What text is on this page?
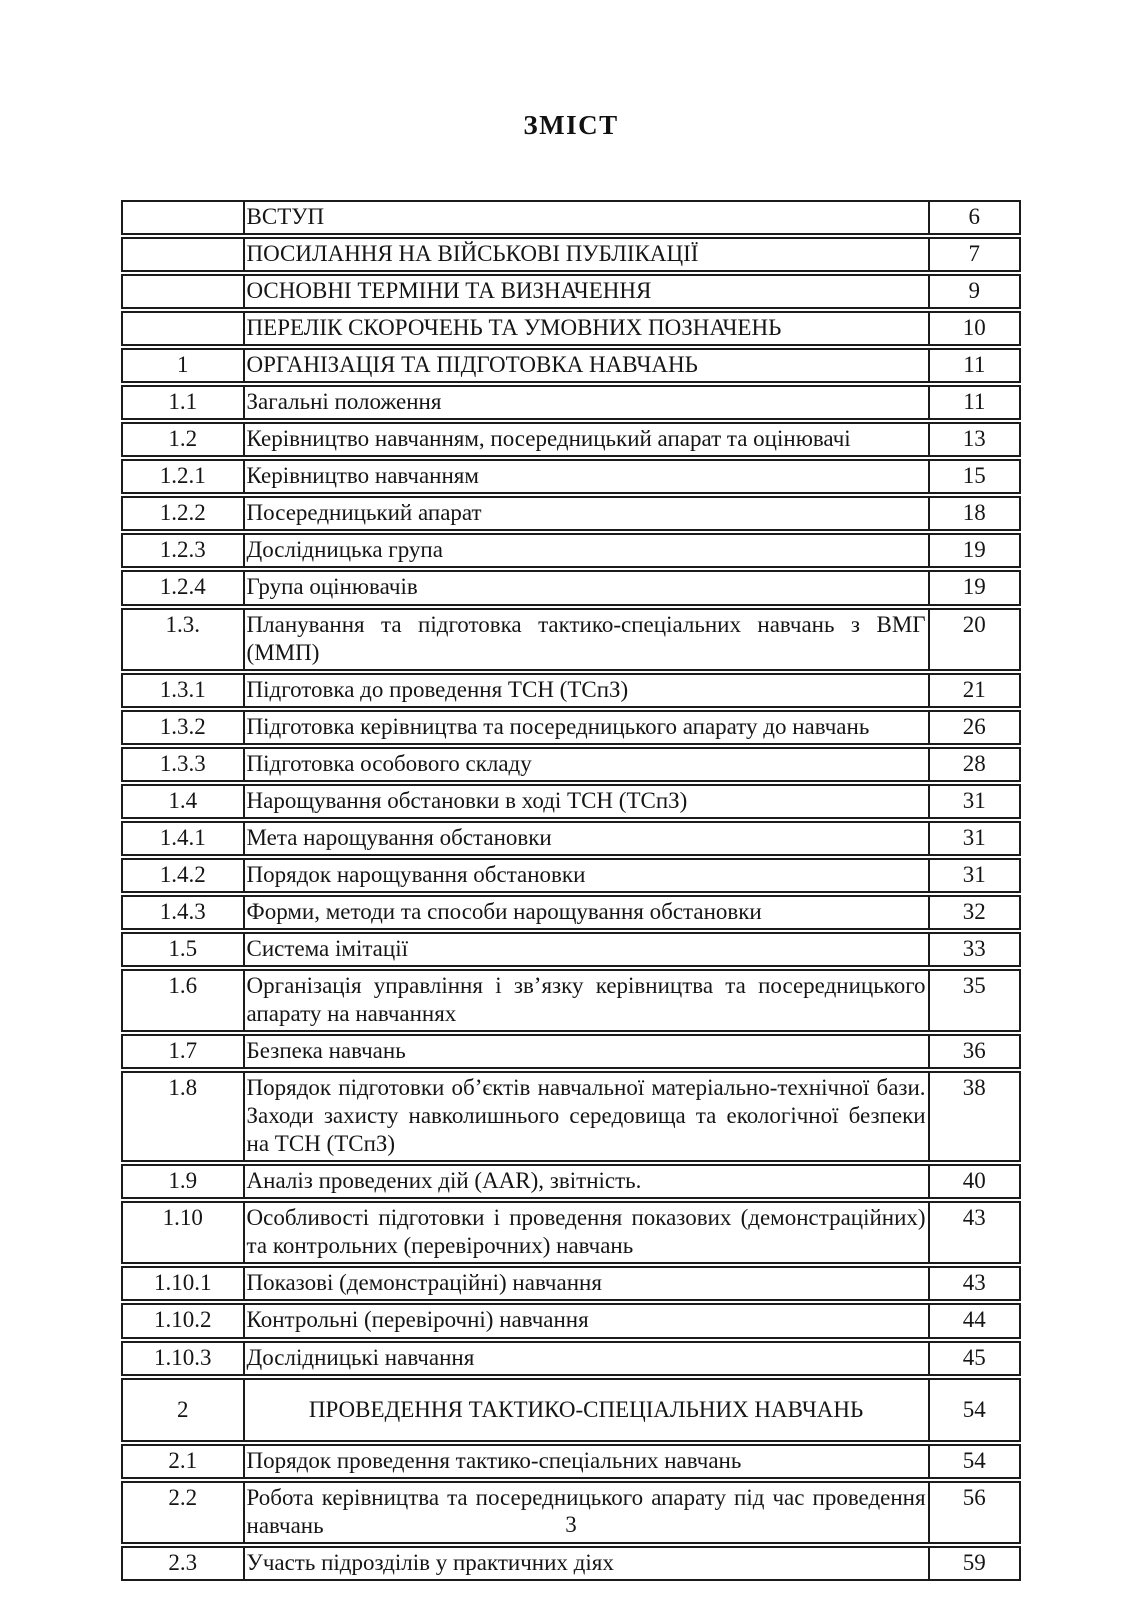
ЗМІСТ
	ВСТУП	6
	ПОСИЛАННЯ НА ВІЙСЬКОВІ ПУБЛІКАЦІЇ	7
	ОСНОВНІ ТЕРМІНИ ТА ВИЗНАЧЕННЯ	9
	ПЕРЕЛІК СКОРОЧЕНЬ ТА УМОВНИХ ПОЗНАЧЕНЬ	10
1	ОРГАНІЗАЦІЯ ТА ПІДГОТОВКА НАВЧАНЬ	11
1.1	Загальні положення	11
1.2	Керівництво навчанням, посередницький апарат та оцінювачі	13
1.2.1	Керівництво навчанням	15
1.2.2	Посередницький апарат	18
1.2.3	Дослідницька група	19
1.2.4	Група оцінювачів	19
1.3.	Планування та підготовка тактико-спеціальних навчань з ВМГ (ММП)	20
1.3.1	Підготовка до проведення ТСН (ТСпЗ)	21
1.3.2	Підготовка керівництва та посередницького апарату до навчань	26
1.3.3	Підготовка особового складу	28
1.4	Нарощування обстановки в ході ТСН (ТСпЗ)	31
1.4.1	Мета нарощування обстановки	31
1.4.2	Порядок нарощування обстановки	31
1.4.3	Форми, методи та способи нарощування обстановки	32
1.5	Система імітації	33
1.6	Організація управління і зв’язку керівництва та посередницького апарату на навчаннях	35
1.7	Безпека навчань	36
1.8	Порядок підготовки об’єктів навчальної матеріально-технічної бази. Заходи захисту навколишнього середовища та екологічної безпеки на ТСН (ТСпЗ)	38
1.9	Аналіз проведених дій (AAR), звітність.	40
1.10	Особливості підготовки і проведення показових (демонстраційних) та контрольних (перевірочних) навчань	43
1.10.1	Показові (демонстраційні) навчання	43
1.10.2	Контрольні (перевірочні) навчання	44
1.10.3	Дослідницькі навчання	45
2	ПРОВЕДЕННЯ ТАКТИКО-СПЕЦІАЛЬНИХ НАВЧАНЬ	54
2.1	Порядок проведення тактико-спеціальних навчань	54
2.2	Робота керівництва та посередницького апарату під час проведення навчань	56
2.3	Участь підрозділів у практичних діях	59
3
